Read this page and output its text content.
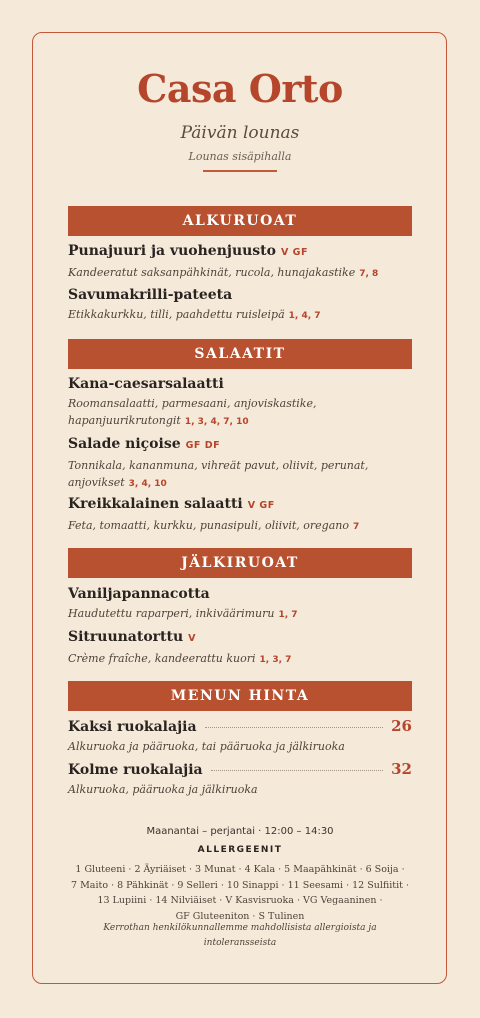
Casa Orto
Päivän lounas
Lounas sisäpihalla
ALKURUOAT
Punajuuri ja vuohenjuusto V GF
Kandeeratut saksanpähkinät, rucola, hunajakastike 7, 8
Savumakrilli-pateeta
Etikkakurkku, tilli, paahdettu ruisleipä 1, 4, 7
SALAATIT
Kana-caesarsalaatti
Roomansalaatti, parmesaani, anjoviskastike, hapanjuurikrutongit 1, 3, 4, 7, 10
Salade niçoise GF DF
Tonnikala, kananmuna, vihreät pavut, oliivit, perunat, anjovikset 3, 4, 10
Kreikkalainen salaatti V GF
Feta, tomaatti, kurkku, punasipuli, oliivit, oregano 7
JÄLKIRUOAT
Vaniljapannacotta
Haudutettu raparperi, inkiväärimuru 1, 7
Sitruunatorttu V
Crème fraîche, kandeerattu kuori 1, 3, 7
MENUN HINTA
Kaksi ruokalajia	26
Alkuruoka ja pääruoka, tai pääruoka ja jälkiruoka
Kolme ruokalajia	32
Alkuruoka, pääruoka ja jälkiruoka
Maanantai – perjantai · 12:00 – 14:30
ALLERGEENIT
1 Gluteeni · 2 Äyriäiset · 3 Munat · 4 Kala · 5 Maapähkinät · 6 Soija ·
7 Maito · 8 Pähkinät · 9 Selleri · 10 Sinappi · 11 Seesami · 12 Sulfiitit ·
13 Lupiini · 14 Nilviäiset · V Kasvisruoka · VG Vegaaninen ·
GF Gluteeniton · S Tulinen
Kerrothan henkilökunnallemme mahdollisista allergioista ja intoleransseista
